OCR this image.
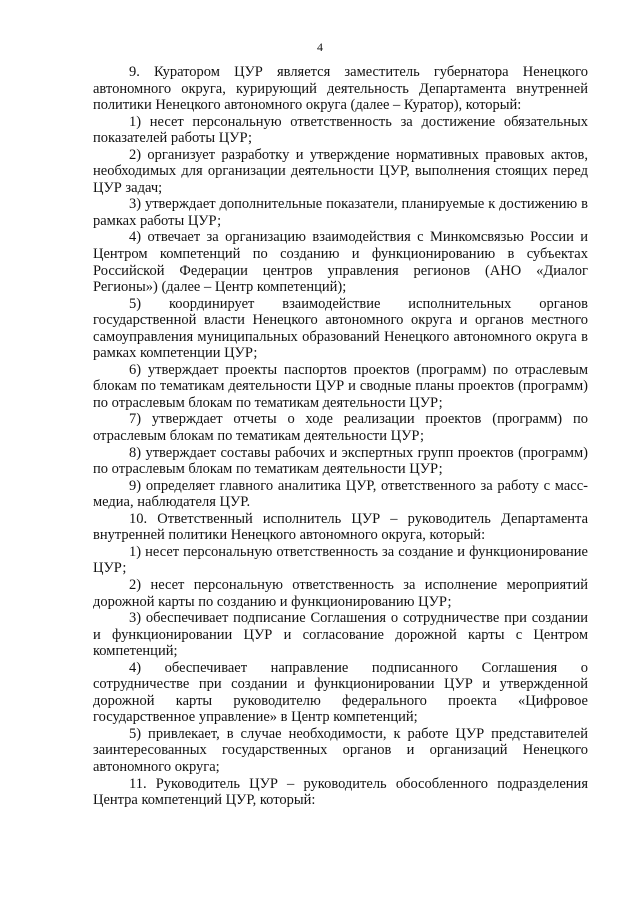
4

9. Куратором ЦУР является заместитель губернатора Ненецкого автономного округа, курирующий деятельность Департамента внутренней политики Ненецкого автономного округа (далее – Куратор), который:

1) несет персональную ответственность за достижение обязательных показателей работы ЦУР;

2) организует разработку и утверждение нормативных правовых актов, необходимых для организации деятельности ЦУР, выполнения стоящих перед ЦУР задач;

3) утверждает дополнительные показатели, планируемые к достижению в рамках работы ЦУР;

4) отвечает за организацию взаимодействия с Минкомсвязью России и Центром компетенций по созданию и функционированию в субъектах Российской Федерации центров управления регионов (АНО «Диалог Регионы») (далее – Центр компетенций);

5) координирует взаимодействие исполнительных органов государственной власти Ненецкого автономного округа и органов местного самоуправления муниципальных образований Ненецкого автономного округа в рамках компетенции ЦУР;

6) утверждает проекты паспортов проектов (программ) по отраслевым блокам по тематикам деятельности ЦУР и сводные планы проектов (программ) по отраслевым блокам по тематикам деятельности ЦУР;

7) утверждает отчеты о ходе реализации проектов (программ) по отраслевым блокам по тематикам деятельности ЦУР;

8) утверждает составы рабочих и экспертных групп проектов (программ) по отраслевым блокам по тематикам деятельности ЦУР;

9) определяет главного аналитика ЦУР, ответственного за работу с масс-медиа, наблюдателя ЦУР.

10. Ответственный исполнитель ЦУР – руководитель Департамента внутренней политики Ненецкого автономного округа, который:

1) несет персональную ответственность за создание и функционирование ЦУР;

2) несет персональную ответственность за исполнение мероприятий дорожной карты по созданию и функционированию ЦУР;

3) обеспечивает подписание Соглашения о сотрудничестве при создании и функционировании ЦУР и согласование дорожной карты с Центром компетенций;

4) обеспечивает направление подписанного Соглашения о сотрудничестве при создании и функционировании ЦУР и утвержденной дорожной карты руководителю федерального проекта «Цифровое государственное управление» в Центр компетенций;

5) привлекает, в случае необходимости, к работе ЦУР представителей заинтересованных государственных органов и организаций Ненецкого автономного округа;

11. Руководитель ЦУР – руководитель обособленного подразделения Центра компетенций ЦУР, который:
